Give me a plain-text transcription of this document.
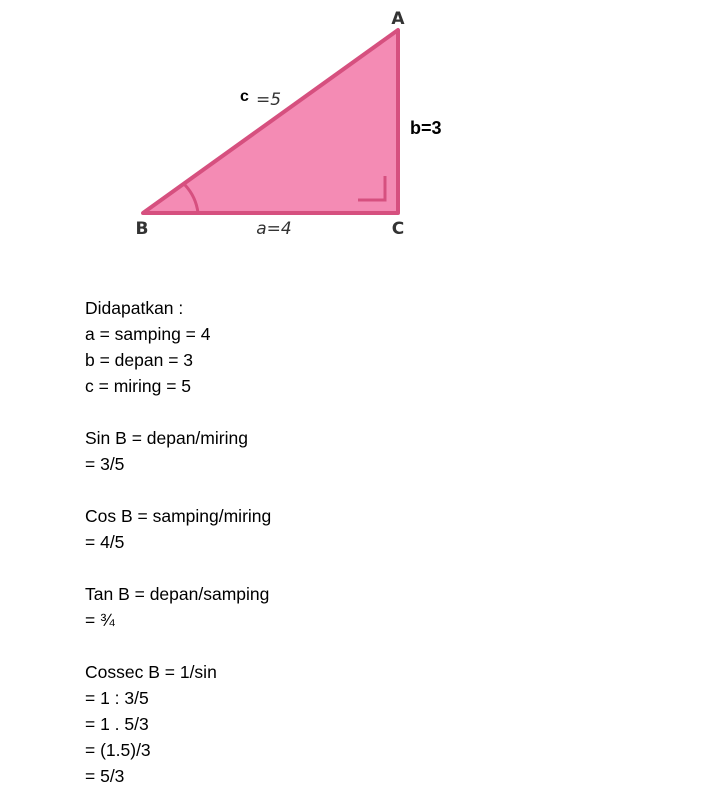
A
B	C
c =5
b=3
a=4
Didapatkan :
a = samping = 4
b = depan = 3
c = miring = 5
Sin B = depan/miring
= 3/5
Cos B = samping/miring
= 4/5
Tan B = depan/samping
= ¾
Cossec B = 1/sin
= 1 : 3/5
= 1 . 5/3
= (1.5)/3
= 5/3
